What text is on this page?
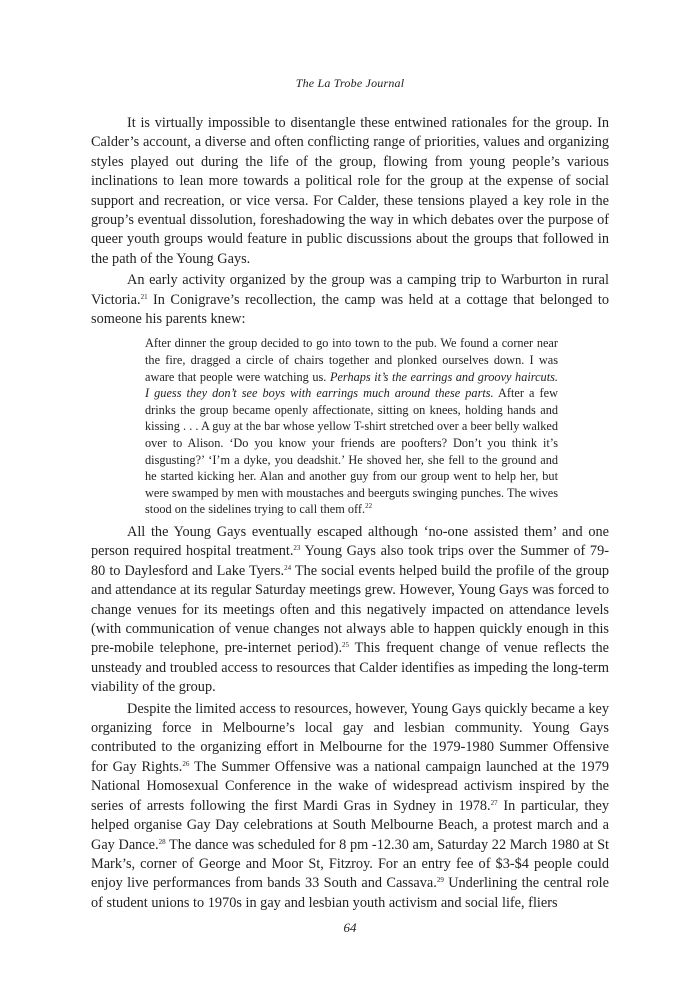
The La Trobe Journal

It is virtually impossible to disentangle these entwined rationales for the group. In Calder’s account, a diverse and often conflicting range of priorities, values and organizing styles played out during the life of the group, flowing from young people’s various inclinations to lean more towards a political role for the group at the expense of social support and recreation, or vice versa. For Calder, these tensions played a key role in the group’s eventual dissolution, foreshadowing the way in which debates over the purpose of queer youth groups would feature in public discussions about the groups that followed in the path of the Young Gays.

An early activity organized by the group was a camping trip to Warburton in rural Victoria.$^{21}$ In Conigrave’s recollection, the camp was held at a cottage that belonged to someone his parents knew:

After dinner the group decided to go into town to the pub. We found a corner near the fire, dragged a circle of chairs together and plonked ourselves down. I was aware that people were watching us. Perhaps it’s the earrings and groovy haircuts. I guess they don’t see boys with earrings much around these parts. After a few drinks the group became openly affectionate, sitting on knees, holding hands and kissing . . . A guy at the bar whose yellow T-shirt stretched over a beer belly walked over to Alison. ‘Do you know your friends are poofters? Don’t you think it’s disgusting?’ ‘I’m a dyke, you deadshit.’ He shoved her, she fell to the ground and he started kicking her. Alan and another guy from our group went to help her, but were swamped by men with moustaches and beerguts swinging punches. The wives stood on the sidelines trying to call them off.$^{22}$

All the Young Gays eventually escaped although ‘no-one assisted them’ and one person required hospital treatment.$^{23}$ Young Gays also took trips over the Summer of 79-80 to Daylesford and Lake Tyers.$^{24}$ The social events helped build the profile of the group and attendance at its regular Saturday meetings grew. However, Young Gays was forced to change venues for its meetings often and this negatively impacted on attendance levels (with communication of venue changes not always able to happen quickly enough in this pre-mobile telephone, pre-internet period).$^{25}$ This frequent change of venue reflects the unsteady and troubled access to resources that Calder identifies as impeding the long-term viability of the group.

Despite the limited access to resources, however, Young Gays quickly became a key organizing force in Melbourne’s local gay and lesbian community. Young Gays contributed to the organizing effort in Melbourne for the 1979-1980 Summer Offensive for Gay Rights.$^{26}$ The Summer Offensive was a national campaign launched at the 1979 National Homosexual Conference in the wake of widespread activism inspired by the series of arrests following the first Mardi Gras in Sydney in 1978.27 In particular, they helped organise Gay Day celebrations at South Melbourne Beach, a protest march and a Gay Dance.$^{28}$ The dance was scheduled for 8 pm -12.30 am, Saturday 22 March 1980 at St Mark’s, corner of George and Moor St, Fitzroy. For an entry fee of $3-$4 people could enjoy live performances from bands 33 South and Cassava.$^{29}$ Underlining the central role of student unions to 1970s in gay and lesbian youth activism and social life, fliers

64
